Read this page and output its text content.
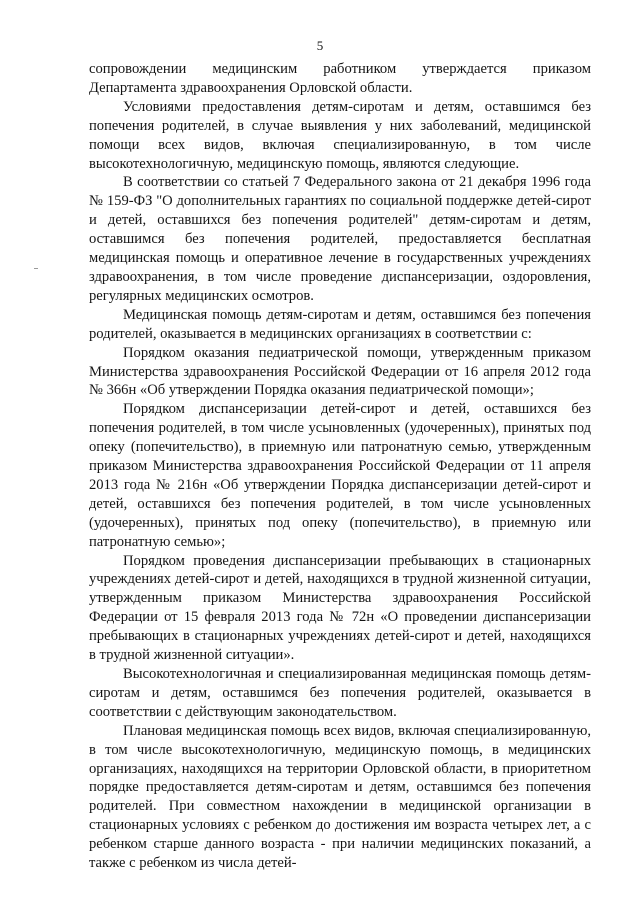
5

сопровождении медицинским работником утверждается приказом Департамента здравоохранения Орловской области.

Условиями предоставления детям-сиротам и детям, оставшимся без попечения родителей, в случае выявления у них заболеваний, медицинской помощи всех видов, включая специализированную, в том числе высокотехнологичную, медицинскую помощь, являются следующие.

В соответствии со статьей 7 Федерального закона от 21 декабря 1996 года № 159-ФЗ "О дополнительных гарантиях по социальной поддержке детей-сирот и детей, оставшихся без попечения родителей" детям-сиротам и детям, оставшимся без попечения родителей, предоставляется бесплатная медицинская помощь и оперативное лечение в государственных учреждениях здравоохранения, в том числе проведение диспансеризации, оздоровления, регулярных медицинских осмотров.

Медицинская помощь детям-сиротам и детям, оставшимся без попечения родителей, оказывается в медицинских организациях в соответствии с:

Порядком оказания педиатрической помощи, утвержденным приказом Министерства здравоохранения Российской Федерации от 16 апреля 2012 года № 366н «Об утверждении Порядка оказания педиатрической помощи»;

Порядком диспансеризации детей-сирот и детей, оставшихся без попечения родителей, в том числе усыновленных (удочеренных), принятых под опеку (попечительство), в приемную или патронатную семью, утвержденным приказом Министерства здравоохранения Российской Федерации от 11 апреля 2013 года № 216н «Об утверждении Порядка диспансеризации детей-сирот и детей, оставшихся без попечения родителей, в том числе усыновленных (удочеренных), принятых под опеку (попечительство), в приемную или патронатную семью»;

Порядком проведения диспансеризации пребывающих в стационарных учреждениях детей-сирот и детей, находящихся в трудной жизненной ситуации, утвержденным приказом Министерства здравоохранения Российской Федерации от 15 февраля 2013 года № 72н «О проведении диспансеризации пребывающих в стационарных учреждениях детей-сирот и детей, находящихся в трудной жизненной ситуации».

Высокотехнологичная и специализированная медицинская помощь детям-сиротам и детям, оставшимся без попечения родителей, оказывается в соответствии с действующим законодательством.

Плановая медицинская помощь всех видов, включая специализированную, в том числе высокотехнологичную, медицинскую помощь, в медицинских организациях, находящихся на территории Орловской области, в приоритетном порядке предоставляется детям-сиротам и детям, оставшимся без попечения родителей. При совместном нахождении в медицинской организации в стационарных условиях с ребенком до достижения им возраста четырех лет, а с ребенком старше данного возраста - при наличии медицинских показаний, а также с ребенком из числа детей-
